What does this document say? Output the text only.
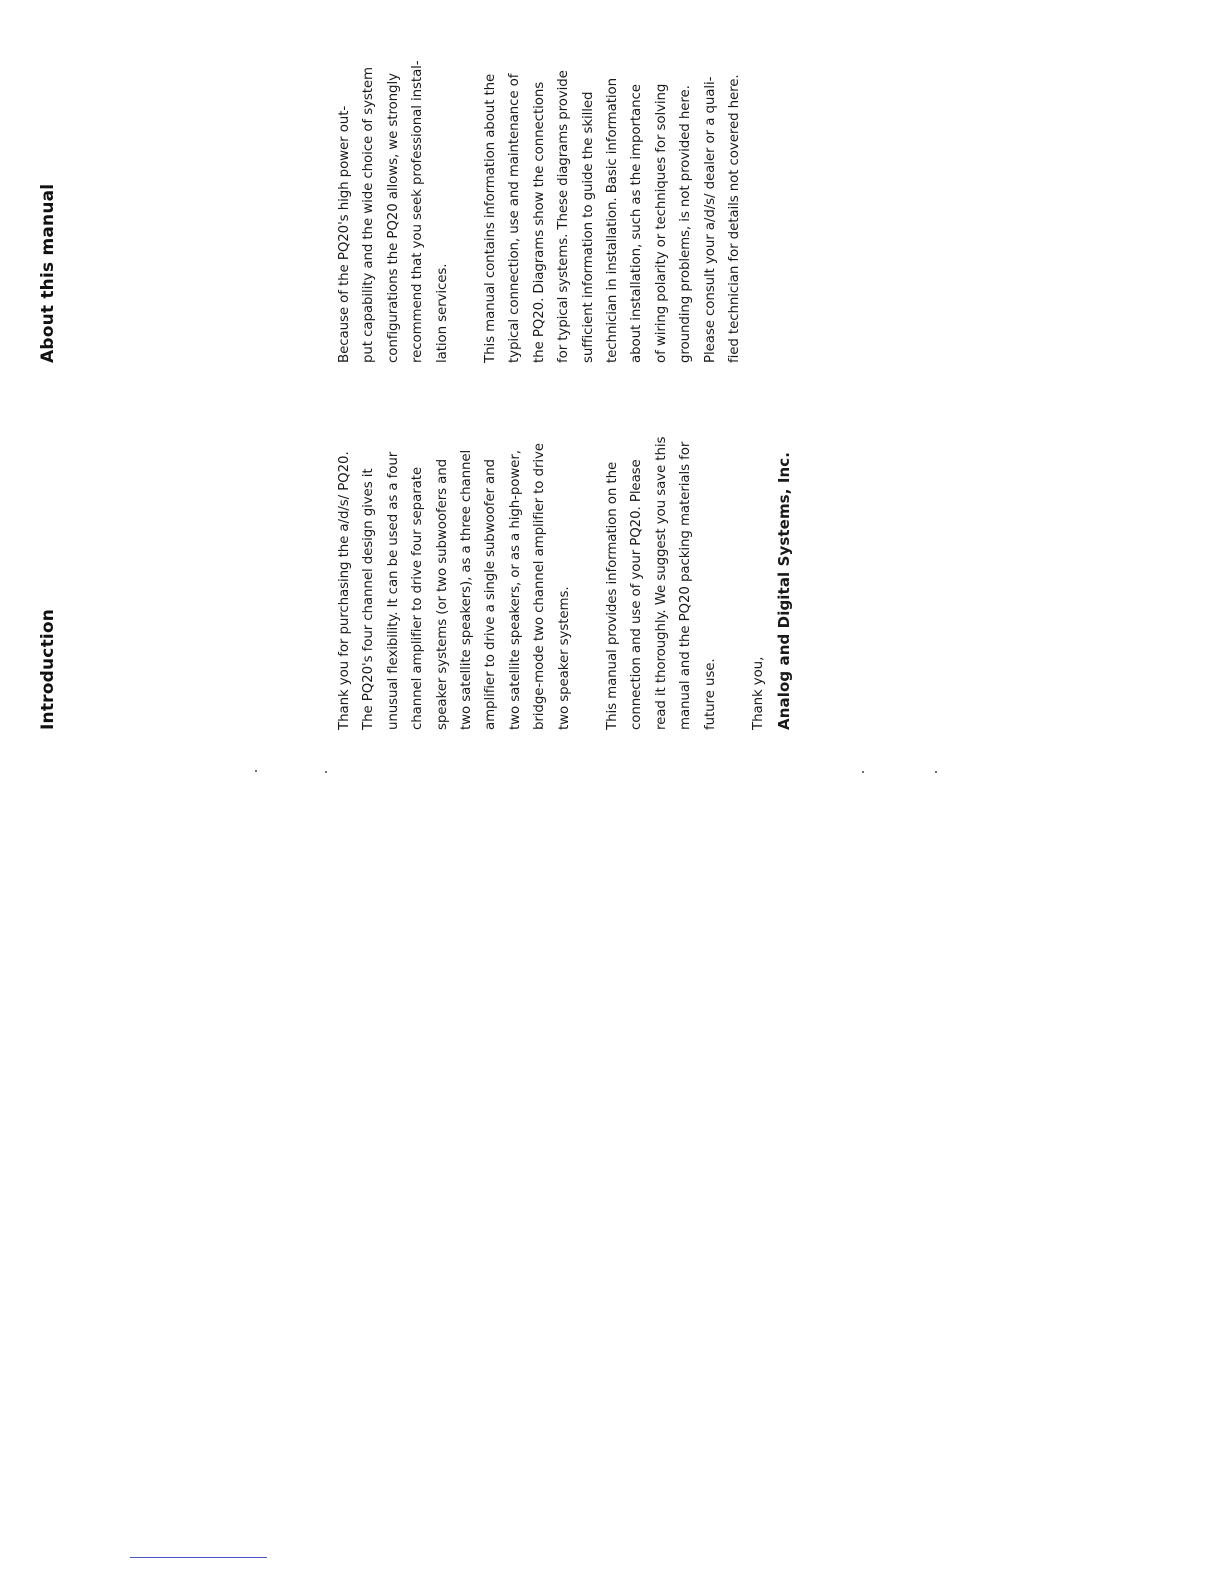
Introduction
About this manual

Thank you for purchasing the a/d/s/ PQ20. The PQ20's four channel design gives it unusual flexibility. It can be used as a four channel amplifier to drive four separate speaker systems (or two subwoofers and two satellite speakers), as a three channel amplifier to drive a single subwoofer and two satellite speakers, or as a high-power, bridge-mode two channel amplifier to drive two speaker systems.	This manual provides information on the connection and use of your PQ20. Please read it thoroughly. We suggest you save this manual and the PQ20 packing materials for future use.	Thank you, Analog and Digital Systems, Inc.

Because of the PQ20's high power out- put capability and the wide choice of system configurations the PQ20 allows, we strongly recommend that you seek professional instal- lation services.	This manual contains information about the typical connection, use and maintenance of the PQ20. Diagrams show the connections for typical systems. These diagrams provide sufficient information to guide the skilled technician in installation. Basic information about installation, such as the importance of wiring polarity or techniques for solving grounding problems, is not provided here. Please consult your a/d/s/ dealer or a quali- fied technician for details not covered here.
